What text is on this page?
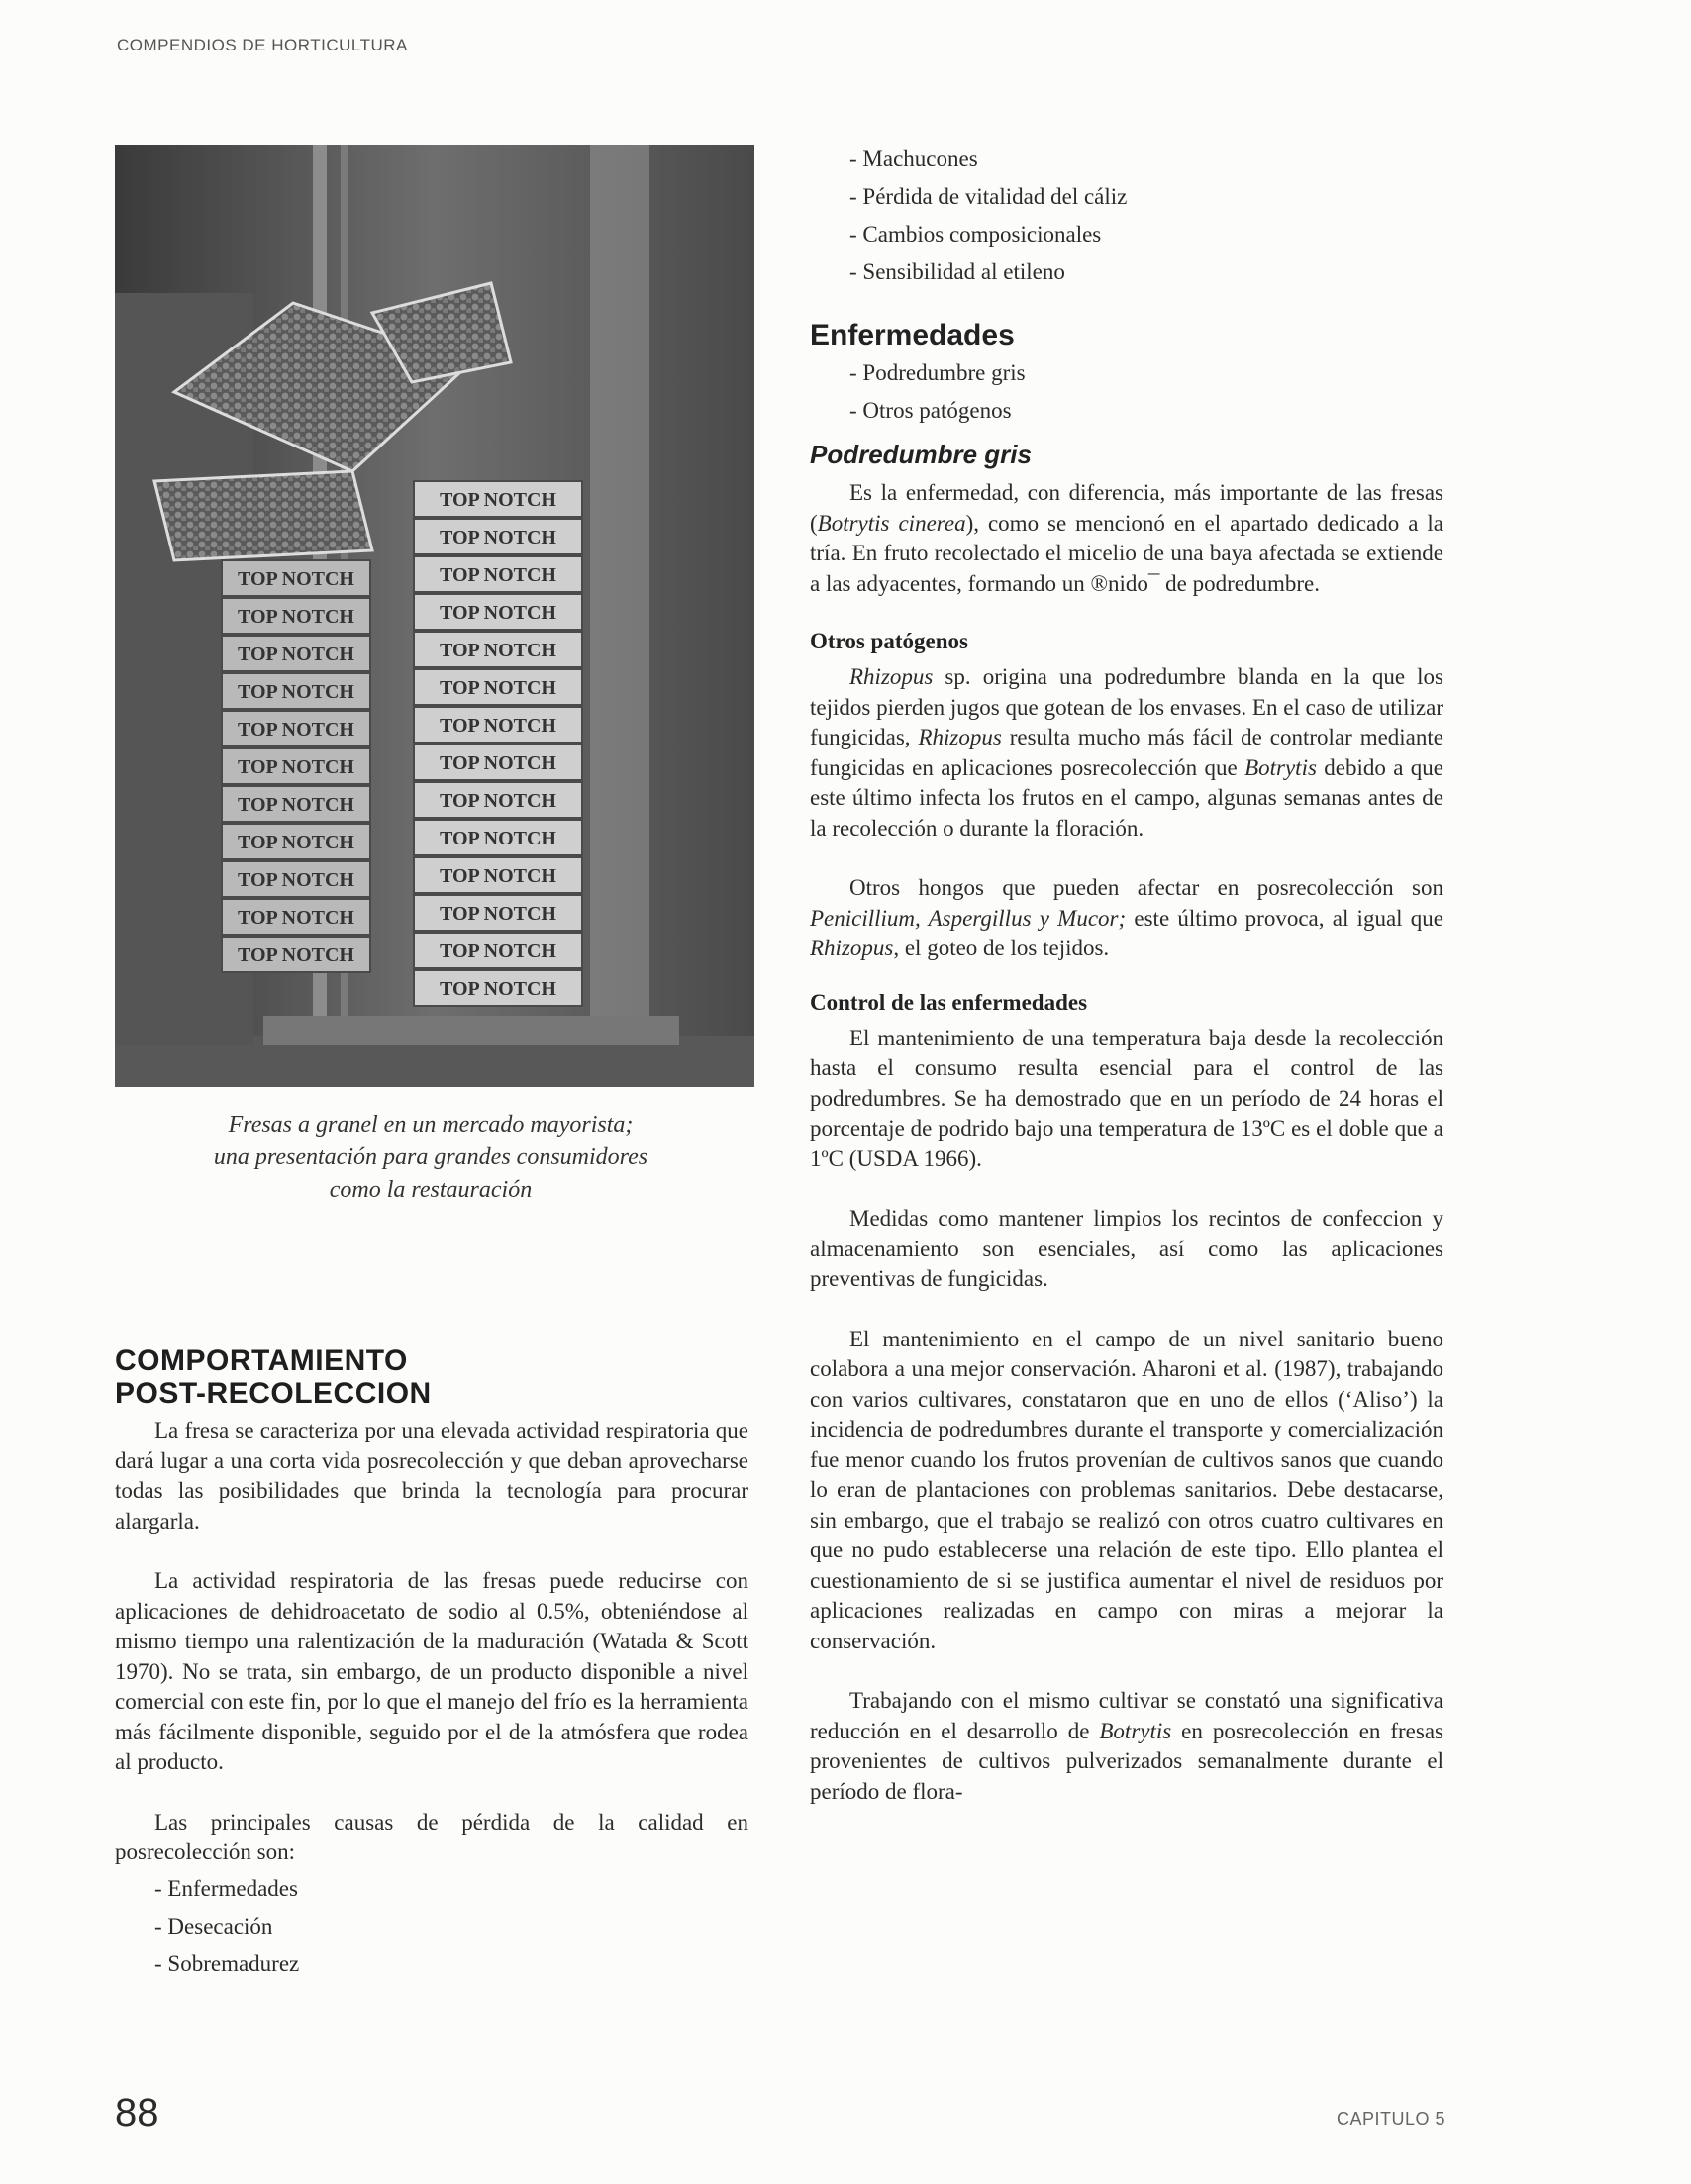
COMPENDIOS DE HORTICULTURA
TOP NOTCH
TOP NOTCH
TOP NOTCH
TOP NOTCH
TOP NOTCH
TOP NOTCH
TOP NOTCH
TOP NOTCH
TOP NOTCH
TOP NOTCH
TOP NOTCH
TOP NOTCH
TOP NOTCH
TOP NOTCH
TOP NOTCH
TOP NOTCH
TOP NOTCH
TOP NOTCH
TOP NOTCH
TOP NOTCH
TOP NOTCH
TOP NOTCH
TOP NOTCH
TOP NOTCH
TOP NOTCH
Fresas a granel en un mercado mayorista;
una presentación para grandes consumidores
como la restauración
COMPORTAMIENTO
POST-RECOLECCION

La fresa se caracteriza por una elevada actividad respiratoria que dará lugar a una corta vida posrecolección y que deban aprovecharse todas las posibilidades que brinda la tecnología para procurar alargarla.

La actividad respiratoria de las fresas puede reducirse con aplicaciones de dehidroacetato de sodio al 0.5%, obteniéndose al mismo tiempo una ralentización de la maduración (Watada & Scott 1970). No se trata, sin embargo, de un producto disponible a nivel comercial con este fin, por lo que el manejo del frío es la herramienta más fácilmente disponible, seguido por el de la atmósfera que rodea al producto.

Las principales causas de pérdida de la calidad en posrecolección son:

- Enfermedades
- Desecación
- Sobremadurez
- Machucones
- Pérdida de vitalidad del cáliz
- Cambios composicionales
- Sensibilidad al etileno
Enfermedades
- Podredumbre gris
- Otros patógenos
Podredumbre gris

Es la enfermedad, con diferencia, más importante de las fresas (Botrytis cinerea), como se mencionó en el apartado dedicado a la tría. En fruto recolectado el micelio de una baya afectada se extiende a las adyacentes, formando un ®nido¯ de podredumbre.

Otros patógenos

Rhizopus sp. origina una podredumbre blanda en la que los tejidos pierden jugos que gotean de los envases. En el caso de utilizar fungicidas, Rhizopus resulta mucho más fácil de controlar mediante fungicidas en aplicaciones posrecolección que Botrytis debido a que este último infecta los frutos en el campo, algunas semanas antes de la recolección o durante la floración.

Otros hongos que pueden afectar en posrecolección son Penicillium, Aspergillus y Mucor; este último provoca, al igual que Rhizopus, el goteo de los tejidos.

Control de las enfermedades

El mantenimiento de una temperatura baja desde la recolección hasta el consumo resulta esencial para el control de las podredumbres. Se ha demostrado que en un período de 24 horas el porcentaje de podrido bajo una temperatura de 13ºC es el doble que a 1ºC (USDA 1966).

Medidas como mantener limpios los recintos de confeccion y almacenamiento son esenciales, así como las aplicaciones preventivas de fungicidas.

El mantenimiento en el campo de un nivel sanitario bueno colabora a una mejor conservación. Aharoni et al. (1987), trabajando con varios cultivares, constataron que en uno de ellos (‘Aliso’) la incidencia de podredumbres durante el transporte y comercialización fue menor cuando los frutos provenían de cultivos sanos que cuando lo eran de plantaciones con problemas sanitarios. Debe destacarse, sin embargo, que el trabajo se realizó con otros cuatro cultivares en que no pudo establecerse una relación de este tipo. Ello plantea el cuestionamiento de si se justifica aumentar el nivel de residuos por aplicaciones realizadas en campo con miras a mejorar la conservación.

Trabajando con el mismo cultivar se constató una significativa reducción en el desarrollo de Botrytis en posrecolección en fresas provenientes de cultivos pulverizados semanalmente durante el período de flora-

88	CAPITULO 5
